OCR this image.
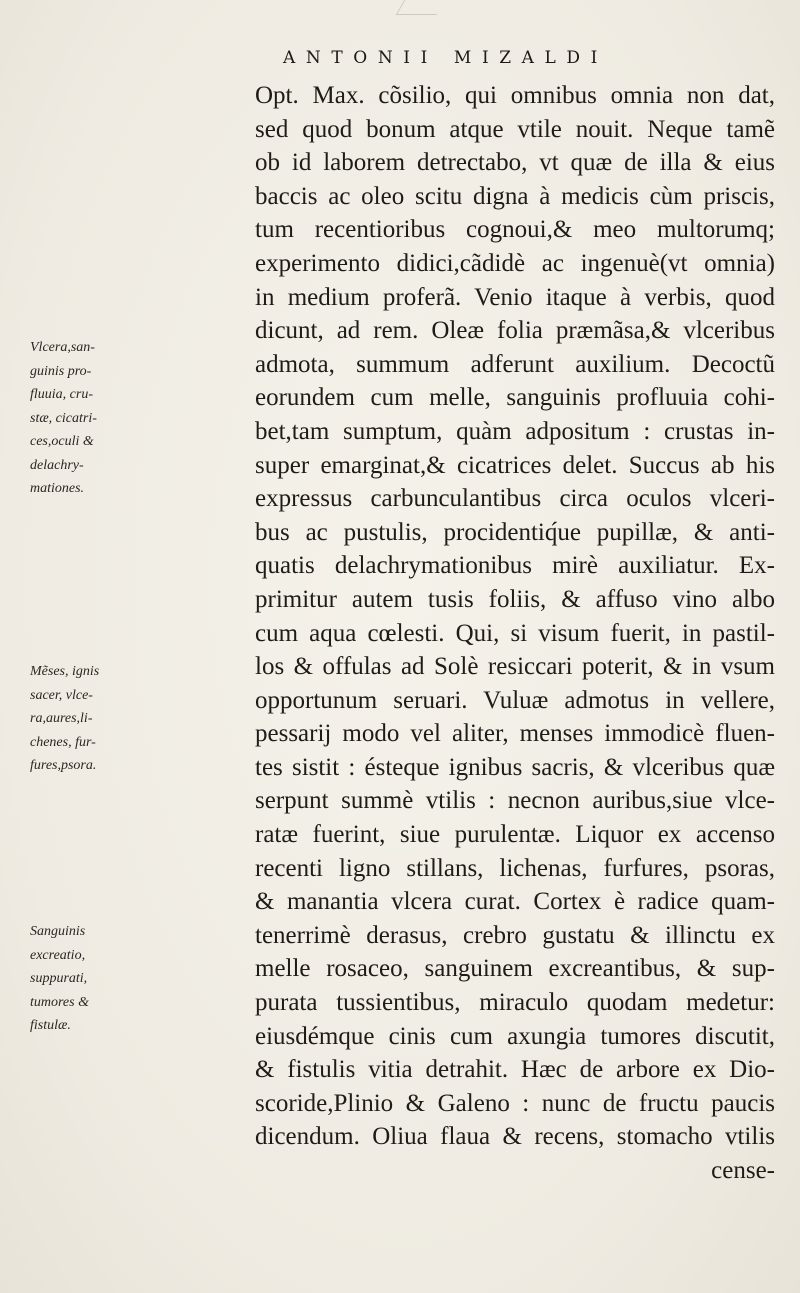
ANTONII MIZALDI
Opt. Max. cõsilio, qui omnibus omnia non dat,
sed quod bonum atque vtile nouit. Neque tamẽ
ob id laborem detrectabo, vt quæ de illa & eius
baccis ac oleo scitu digna à medicis cùm priscis,
tum recentioribus cognoui,& meo multorumq;
experimento didici,cãdidè ac ingenuè(vt omnia)
in medium proferã. Venio itaque à verbis, quod
dicunt, ad rem. Oleæ folia præmãsa,& vlceribus
admota, summum adferunt auxilium. Decoctũ
eorundem cum melle, sanguinis profluuia cohi-
bet,tam sumptum, quàm adpositum : crustas in-
super emarginat,& cicatrices delet. Succus ab his
expressus carbunculantibus circa oculos vlceri-
bus ac pustulis, procidentiq́ue pupillæ, & anti-
quatis delachrymationibus mirè auxiliatur. Ex-
primitur autem tusis foliis, & affuso vino albo
cum aqua cœlesti. Qui, si visum fuerit, in pastil-
los & offulas ad Solè resiccari poterit, & in vsum
opportunum seruari. Vuluæ admotus in vellere,
pessarij modo vel aliter, menses immodicè fluen-
tes sistit : ésteque ignibus sacris, & vlceribus quæ
serpunt summè vtilis : necnon auribus,siue vlce-
ratæ fuerint, siue purulentæ. Liquor ex accenso
recenti ligno stillans, lichenas, furfures, psoras,
& manantia vlcera curat. Cortex è radice quam-
tenerrimè derasus, crebro gustatu & illinctu ex
melle rosaceo, sanguinem excreantibus, & sup-
purata tussientibus, miraculo quodam medetur:
eiusdémque cinis cum axungia tumores discutit,
& fistulis vitia detrahit. Hæc de arbore ex Dio-
scoride,Plinio & Galeno : nunc de fructu paucis
dicendum. Oliua flaua & recens, stomacho vtilis
cense-
Vlcera,san-
guinis pro-
fluuia, cru-
stæ, cicatri-
ces,oculi &
delachry-
mationes.
Mẽses, ignis
sacer, vlce-
ra,aures,li-
chenes, fur-
fures,psora.
Sanguinis
excreatio,
suppurati,
tumores &
fistulæ.
